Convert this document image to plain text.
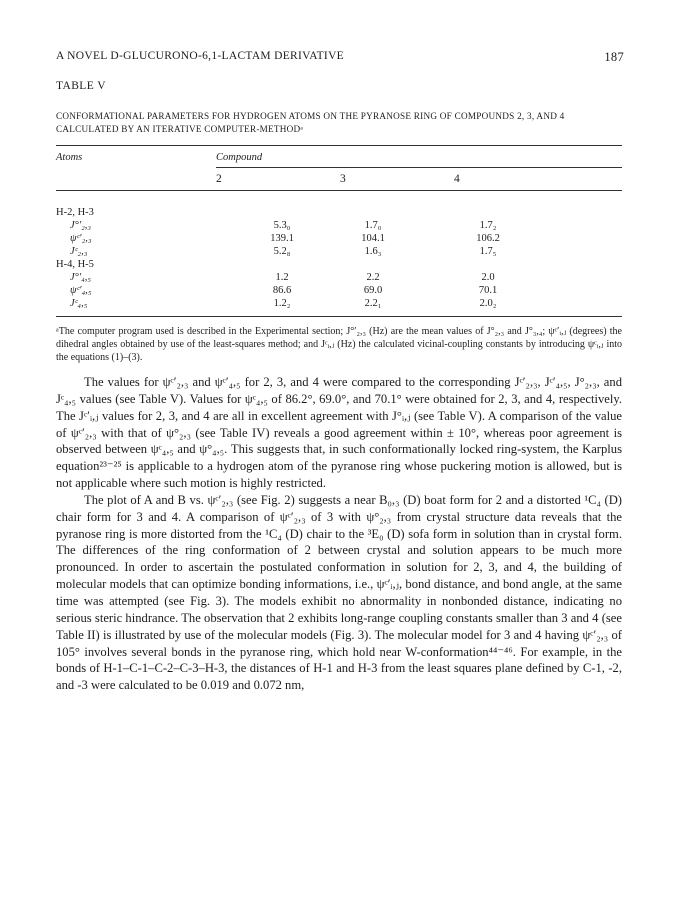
A NOVEL D-GLUCURONO-6,1-LACTAM DERIVATIVE	187
TABLE V
CONFORMATIONAL PARAMETERS FOR HYDROGEN ATOMS ON THE PYRANOSE RING OF COMPOUNDS 2, 3, AND 4 CALCULATED BY AN ITERATIVE COMPUTER-METHODᵃ
Atoms	Compound
2	3	4
H-2, H-3
J°′₂,₃	5.3₀	1.7₀	1.7₂
ψᶜ′₂,₃	139.1	104.1	106.2
Jᶜ₂,₃	5.2₈	1.6₃	1.7₅
H-4, H-5
J°′₄,₅	1.2	2.2	2.0
ψᶜ′₄,₅	86.6	69.0	70.1
Jᶜ₄,₅	1.2₂	2.2₁	2.0₂
ᵃThe computer program used is described in the Experimental section; J°′₂,₃ (Hz) are the mean values of J°₂,₃ and J°₃,₄; ψᶜ′ᵢ,ⱼ (degrees) the dihedral angles obtained by use of the least-squares method; and Jᶜᵢ,ⱼ (Hz) the calculated vicinal-coupling constants by introducing ψᶜᵢ,ⱼ into the equations (1)–(3).

The values for ψᶜ′₂,₃ and ψᶜ′₄,₅ for 2, 3, and 4 were compared to the corresponding Jᶜ′₂,₃, Jᶜ′₄,₅, J°₂,₃, and Jᶜ₄,₅ values (see Table V). Values for ψᶜ₄,₅ of 86.2°, 69.0°, and 70.1° were obtained for 2, 3, and 4, respectively. The Jᶜ′ᵢ,ⱼ values for 2, 3, and 4 are all in excellent agreement with J°ᵢ,ⱼ (see Table V). A comparison of the value of ψᶜ′₂,₃ with that of ψ°₂,₃ (see Table IV) reveals a good agreement within ± 10°, whereas poor agreement is observed between ψᶜ₄,₅ and ψ°₄,₅. This suggests that, in such conformationally locked ring-system, the Karplus equation²³⁻²⁵ is applicable to a hydrogen atom of the pyranose ring whose puckering motion is allowed, but is not applicable where such motion is highly restricted.

The plot of A and B vs. ψᶜ′₂,₃ (see Fig. 2) suggests a near B₀,₃ (D) boat form for 2 and a distorted ¹C₄ (D) chair form for 3 and 4. A comparison of ψᶜ′₂,₃ of 3 with ψ°₂,₃ from crystal structure data reveals that the pyranose ring is more distorted from the ¹C₄ (D) chair to the ³E₀ (D) sofa form in solution than in crystal form. The differences of the ring conformation of 2 between crystal and solution appears to be much more pronounced. In order to ascertain the postulated conformation in solution for 2, 3, and 4, the building of molecular models that can optimize bonding informations, i.e., ψᶜ′ᵢ,ⱼ, bond distance, and bond angle, at the same time was attempted (see Fig. 3). The models exhibit no abnormality in nonbonded distance, indicating no serious steric hindrance. The observation that 2 exhibits long-range coupling constants smaller than 3 and 4 (see Table II) is illustrated by use of the molecular models (Fig. 3). The molecular model for 3 and 4 having ψᶜ′₂,₃ of 105° involves several bonds in the pyranose ring, which hold near W-conformation⁴⁴⁻⁴⁶. For example, in the bonds of H-1–C-1–C-2–C-3–H-3, the distances of H-1 and H-3 from the least squares plane defined by C-1, -2, and -3 were calculated to be 0.019 and 0.072 nm,
